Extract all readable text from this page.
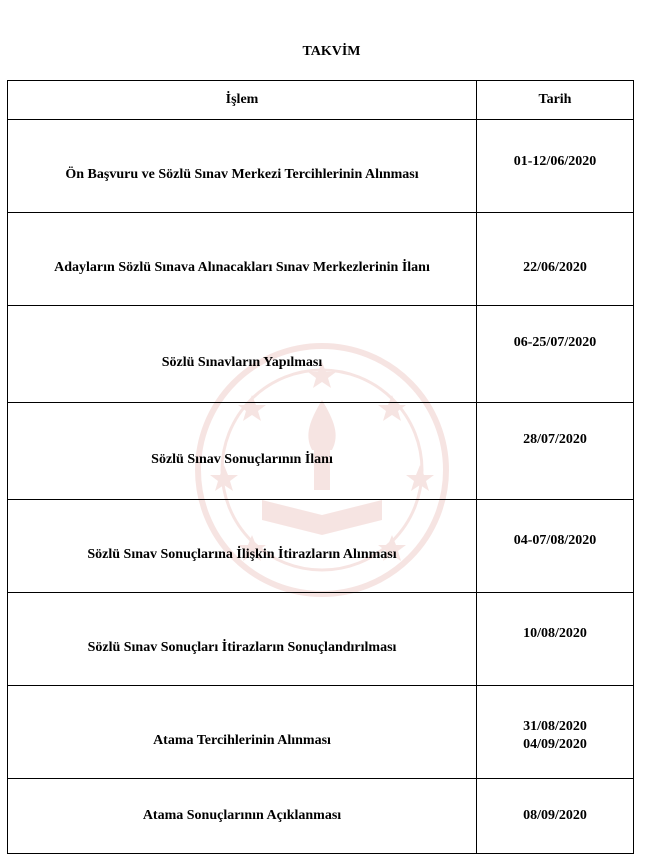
TAKVİM
İşlem	Tarih
Ön Başvuru ve Sözlü Sınav Merkezi Tercihlerinin Alınması	01-12/06/2020
Adayların Sözlü Sınava Alınacakları Sınav Merkezlerinin İlanı	22/06/2020
Sözlü Sınavların Yapılması	06-25/07/2020
Sözlü Sınav Sonuçlarının İlanı	28/07/2020
Sözlü Sınav Sonuçlarına İlişkin İtirazların Alınması	04-07/08/2020
Sözlü Sınav Sonuçları İtirazların Sonuçlandırılması	10/08/2020
Atama Tercihlerinin Alınması	31/08/2020
04/09/2020

Atama Sonuçlarının Açıklanması	08/09/2020
